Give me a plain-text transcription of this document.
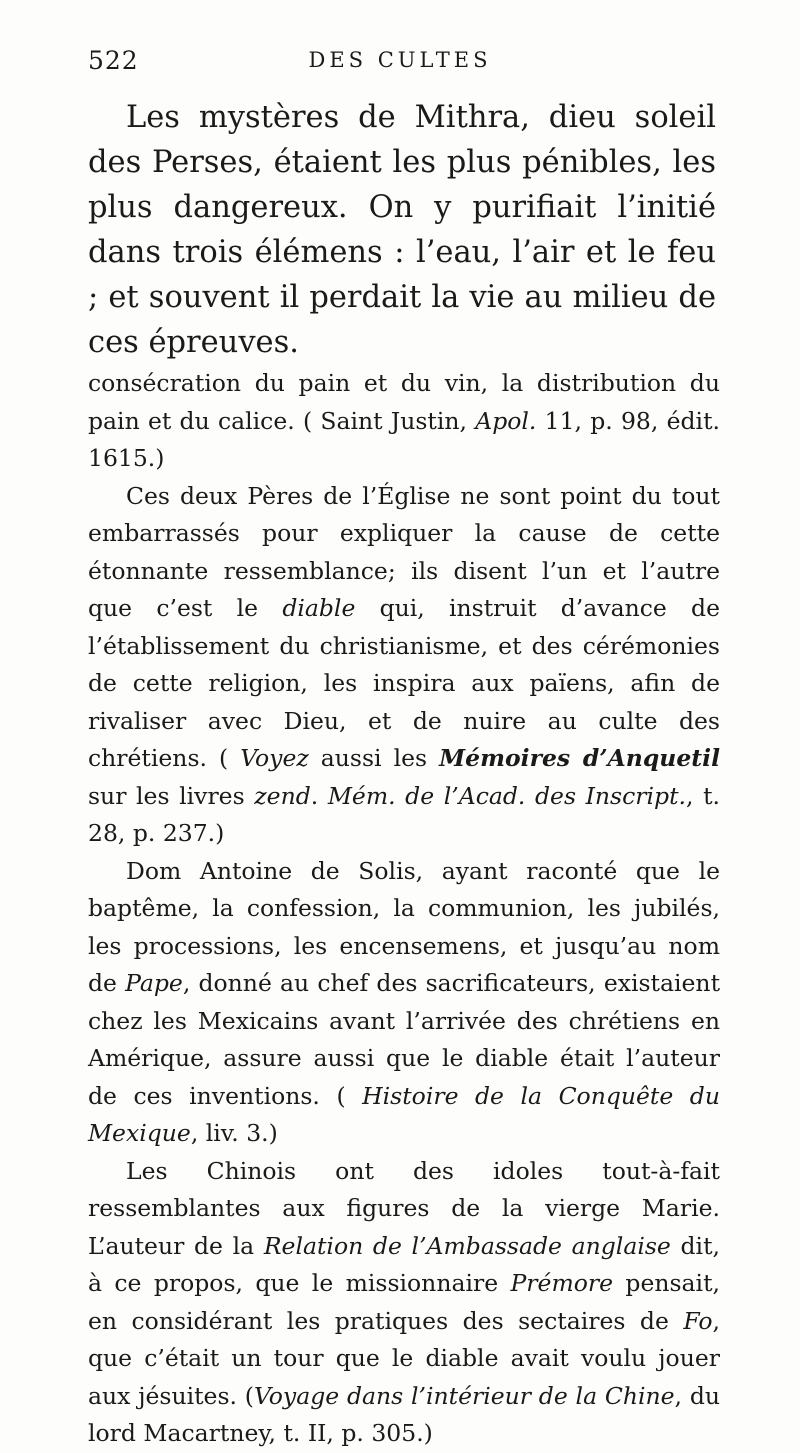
522	DES CULTES

Les mystères de Mithra, dieu soleil des Perses, étaient les plus pénibles, les plus dangereux. On y purifiait l’initié dans trois élémens : l’eau, l’air et le feu ; et souvent il perdait la vie au milieu de ces épreuves.

consécration du pain et du vin, la distribution du pain et du calice. ( Saint Justin, Apol. 11, p. 98, édit. 1615.)

Ces deux Pères de l’Église ne sont point du tout embarrassés pour expliquer la cause de cette étonnante ressemblance; ils disent l’un et l’autre que c’est le diable qui, instruit d’avance de l’établissement du christianisme, et des cérémonies de cette religion, les inspira aux païens, afin de rivaliser avec Dieu, et de nuire au culte des chrétiens. ( Voyez aussi les Mémoires d’Anquetil sur les livres zend. Mém. de l’Acad. des Inscript., t. 28, p. 237.)

Dom Antoine de Solis, ayant raconté que le baptême, la confession, la communion, les jubilés, les processions, les encensemens, et jusqu’au nom de Pape, donné au chef des sacrificateurs, existaient chez les Mexicains avant l’arrivée des chrétiens en Amérique, assure aussi que le diable était l’auteur de ces inventions. ( Histoire de la Conquête du Mexique, liv. 3.)

Les Chinois ont des idoles tout-à-fait ressemblantes aux figures de la vierge Marie. L’auteur de la Relation de l’Ambassade anglaise dit, à ce propos, que le missionnaire Prémore pensait, en considérant les pratiques des sectaires de Fo, que c’était un tour que le diable avait voulu jouer aux jésuites. (Voyage dans l’intérieur de la Chine, du lord Macartney, t. II, p. 305.)
